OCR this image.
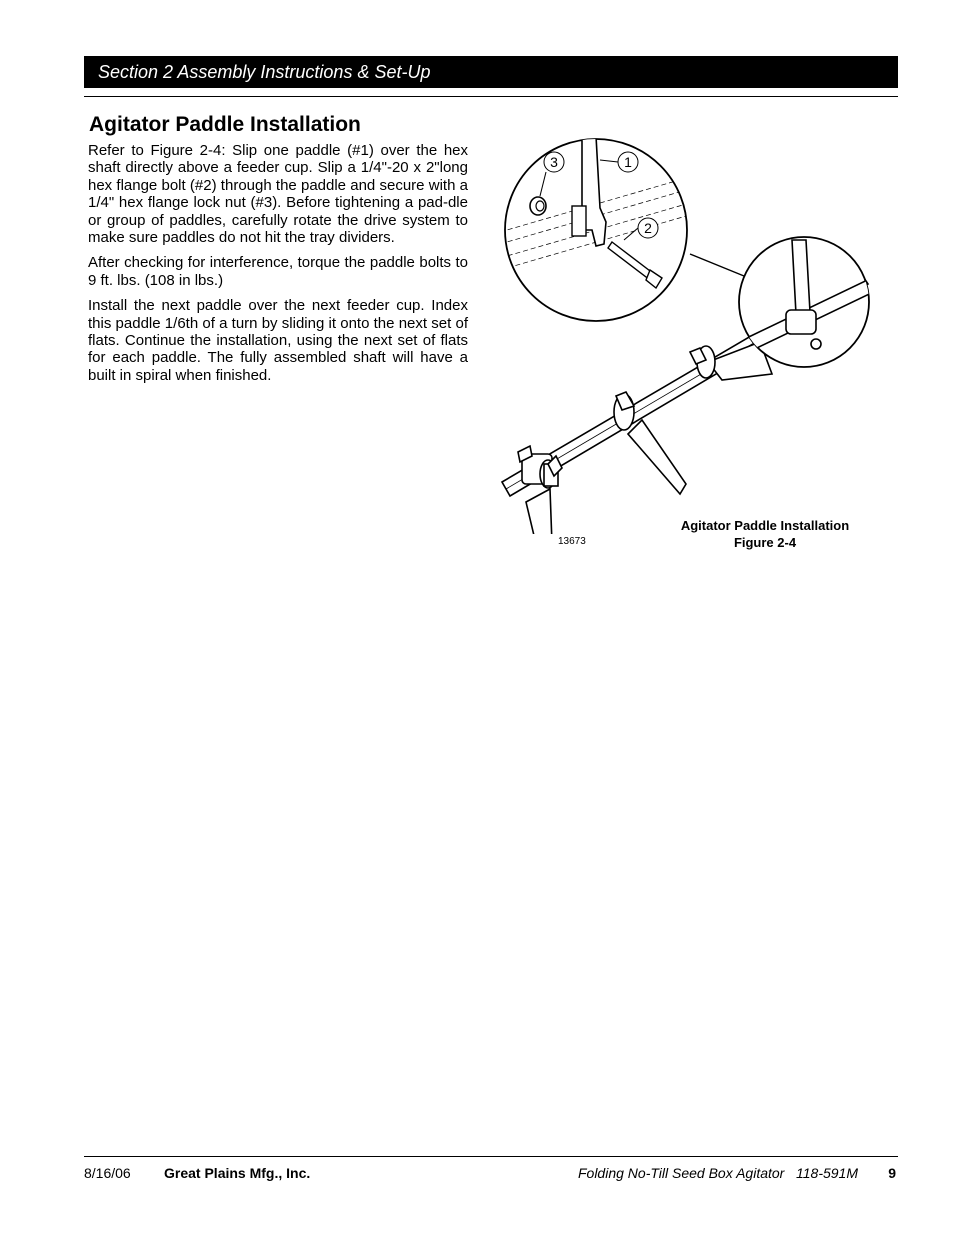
Section 2 Assembly Instructions & Set-Up
Agitator Paddle Installation

Refer to Figure 2-4: Slip one paddle (#1) over the hex shaft directly above a feeder cup. Slip a 1/4"-20 x 2"long hex flange bolt (#2) through the paddle and secure with a 1/4" hex flange lock nut (#3). Before tightening a pad-dle or group of paddles, carefully rotate the drive system to make sure paddles do not hit the tray dividers.

After checking for interference, torque the paddle bolts to 9 ft. lbs. (108 in lbs.)

Install the next paddle over the next feeder cup. Index this paddle 1/6th of a turn by sliding it onto the next set of flats. Continue the installation, using the next set of flats for each paddle. The fully assembled shaft will have a built in spiral when finished.

1
2
3
13673
Agitator Paddle Installation
Figure 2-4
8/16/06 Great Plains Mfg., Inc.	Folding No-Till Seed Box Agitator   118-591M 9
